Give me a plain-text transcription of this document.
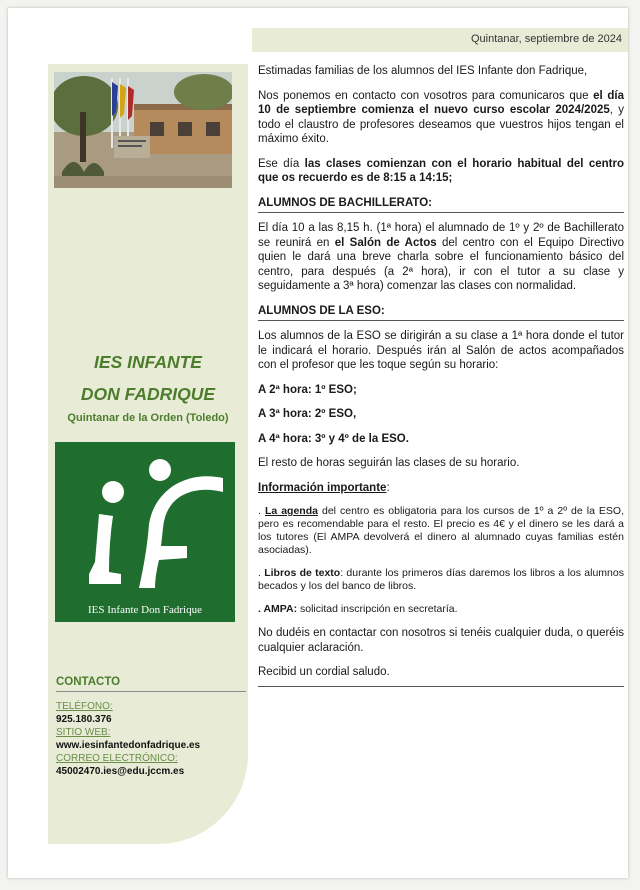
Quintanar, septiembre de 2024

IES INFANTE
DON FADRIQUE

Quintanar de la Orden (Toledo)

IES Infante Don Fadrique
CONTACTO
TELÉFONO:
925.180.376
SITIO WEB:
www.iesinfantedonfadrique.es
CORREO ELECTRÓNICO:
45002470.ies@edu.jccm.es

Estimadas familias de los alumnos del IES Infante don Fadrique,

Nos ponemos en contacto con vosotros para comunicaros que el día 10 de septiembre comienza el nuevo curso escolar 2024/2025, y todo el claustro de profesores deseamos que vuestros hijos tengan el máximo éxito.

Ese día las clases comienzan con el horario habitual del centro que os recuerdo es de 8:15 a 14:15;

ALUMNOS DE BACHILLERATO:

El día 10 a las 8,15 h. (1ª hora) el alumnado de 1º y 2º de Bachillerato se reunirá en el Salón de Actos del centro con el Equipo Directivo quien le dará una breve charla sobre el funcionamiento básico del centro, para después (a 2ª hora), ir con el tutor a su clase y seguidamente a 3ª hora) comenzar las clases con normalidad.

ALUMNOS DE LA ESO:

Los alumnos de la ESO se dirigirán a su clase a 1ª hora donde el tutor le indicará el horario. Después irán al Salón de actos acompañados con el profesor que les toque según su horario:

A 2ª hora: 1º ESO;

A 3ª hora: 2º ESO,

A 4ª hora: 3º y 4º de la ESO.

El resto de horas seguirán las clases de su horario.

Información importante:

. La agenda del centro es obligatoria para los cursos de 1º a 2º de la ESO, pero es recomendable para el resto. El precio es 4€ y el dinero se les dará a los tutores (El AMPA devolverá el dinero al alumnado cuyas familias estén asociadas).

. Libros de texto: durante los primeros días daremos los libros a los alumnos becados y los del banco de libros.

. AMPA: solicitad inscripción en secretaría.

No dudéis en contactar con nosotros si tenéis cualquier duda, o queréis cualquier aclaración.

Recibid un cordial saludo.
